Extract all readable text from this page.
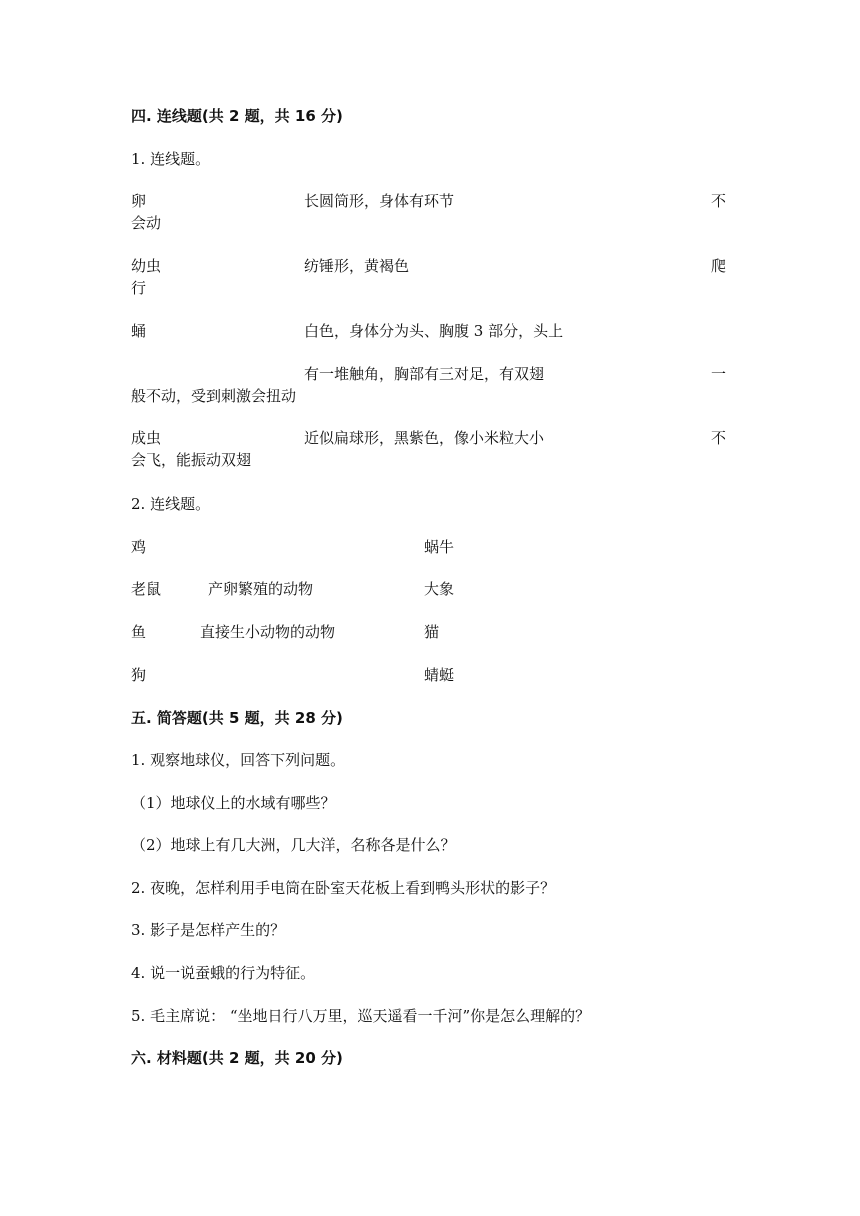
四. 连线题(共 2 题，共 16 分)
1. 连线题。
卵	长圆筒形，身体有环节	不
会动
幼虫	纺锤形，黄褐色	爬
行
蛹	白色，身体分为头、胸腹 3 部分，头上
有一堆触角，胸部有三对足，有双翅	一
般不动，受到刺激会扭动
成虫	近似扁球形，黑紫色，像小米粒大小	不
会飞，能振动双翅
2. 连线题。
鸡	蜗牛
老鼠	产卵繁殖的动物	大象
鱼	直接生小动物的动物	猫
狗	蜻蜓
五. 简答题(共 5 题，共 28 分)
1. 观察地球仪，回答下列问题。
（1）地球仪上的水域有哪些？
（2）地球上有几大洲，几大洋，名称各是什么？
2. 夜晚，怎样利用手电筒在卧室天花板上看到鸭头形状的影子？
3. 影子是怎样产生的？
4. 说一说蚕蛾的行为特征。
5. 毛主席说： “坐地日行八万里，巡天遥看一千河”你是怎么理解的？
六. 材料题(共 2 题，共 20 分)
